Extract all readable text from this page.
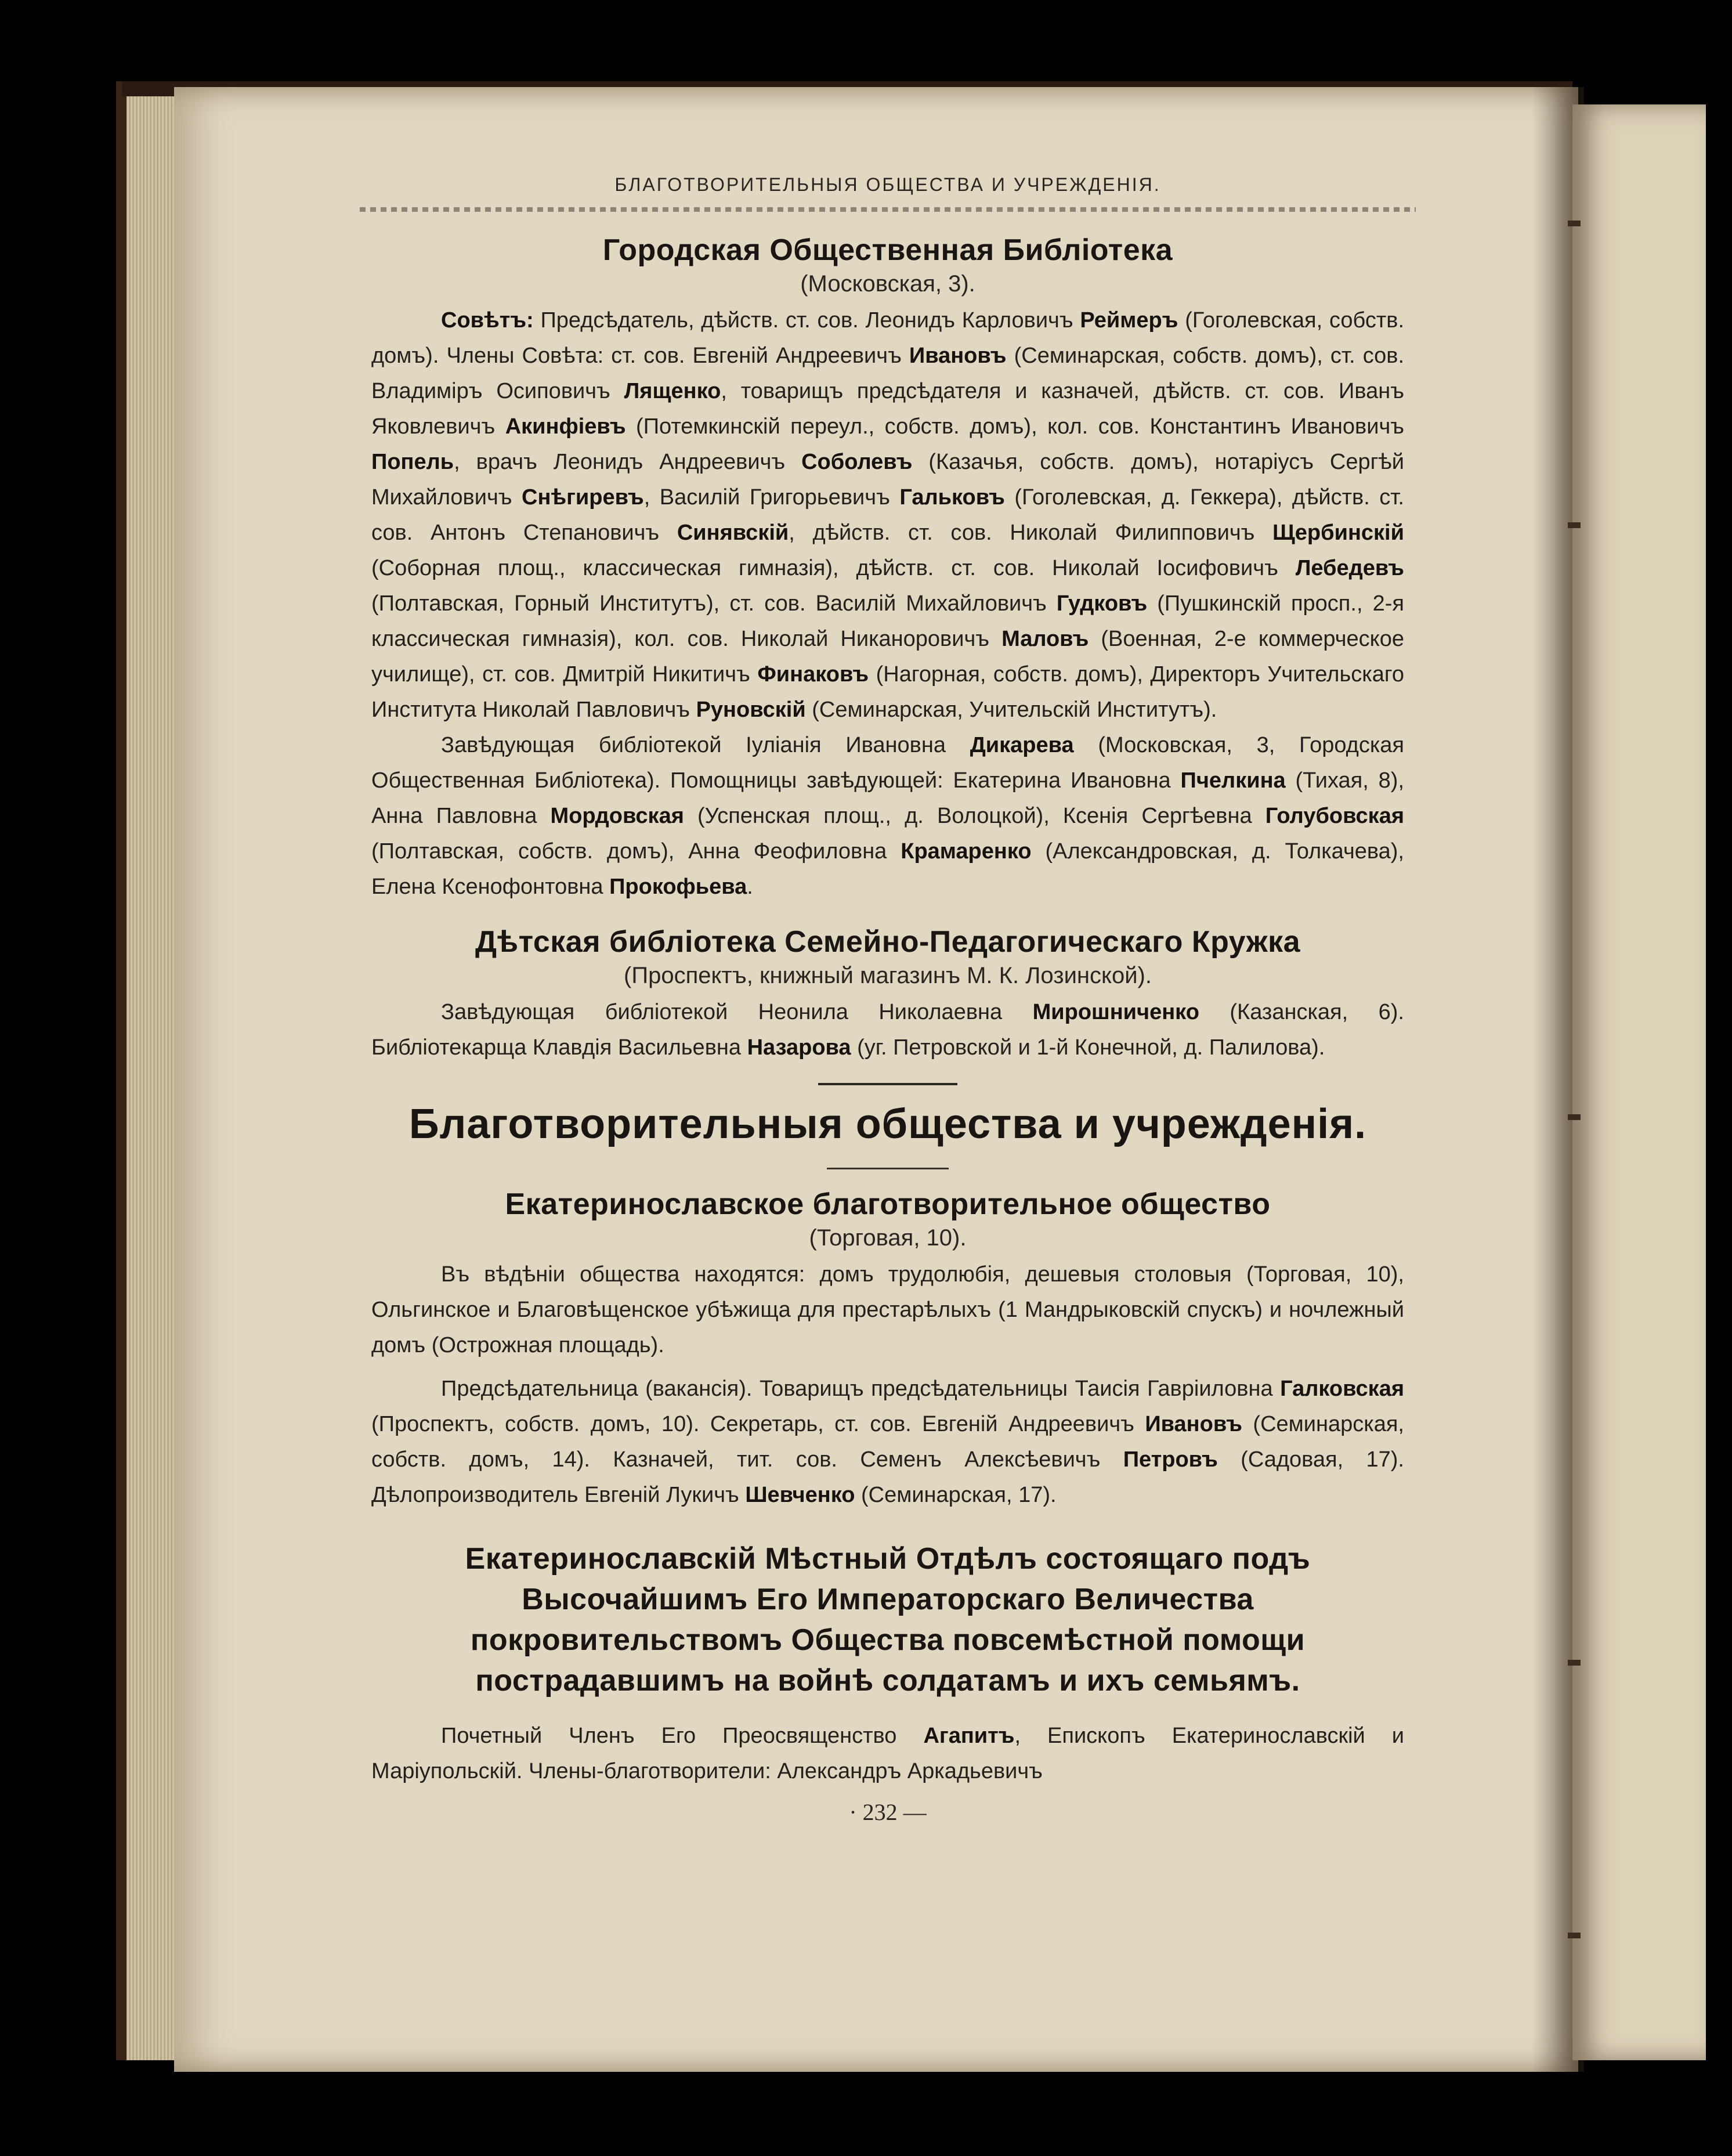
БЛАГОТВОРИТЕЛЬНЫЯ ОБЩЕСТВА И УЧРЕЖДЕНІЯ.
Городская Общественная Библіотека
(Московская, 3).

Совѣтъ: Предсѣдатель, дѣйств. ст. сов. Леонидъ Карловичъ Реймеръ (Гоголевская, собств. домъ). Члены Совѣта: ст. сов. Евгеній Андреевичъ Ивановъ (Семинарская, собств. домъ), ст. сов. Владиміръ Осиповичъ Лященко, товарищъ предсѣдателя и казначей, дѣйств. ст. сов. Иванъ Яковлевичъ Акинфіевъ (Потемкинскій переул., собств. домъ), кол. сов. Константинъ Ивановичъ Попель, врачъ Леонидъ Андреевичъ Соболевъ (Казачья, собств. домъ), нотаріусъ Сергѣй Михайловичъ Снѣгиревъ, Василій Григорьевичъ Гальковъ (Гоголевская, д. Геккера), дѣйств. ст. сов. Антонъ Степановичъ Синявскій, дѣйств. ст. сов. Николай Филипповичъ Щербинскій (Соборная площ., классическая гимназія), дѣйств. ст. сов. Николай Іосифовичъ Лебедевъ (Полтавская, Горный Институтъ), ст. сов. Василій Михайловичъ Гудковъ (Пушкинскій просп., 2-я классическая гимназія), кол. сов. Николай Никаноровичъ Маловъ (Военная, 2-е коммерческое училище), ст. сов. Дмитрій Никитичъ Финаковъ (Нагорная, собств. домъ), Директоръ Учительскаго Института Николай Павловичъ Руновскій (Семинарская, Учительскій Институтъ).

Завѣдующая библіотекой Іуліанія Ивановна Дикарева (Московская, 3, Городская Общественная Библіотека). Помощницы завѣдующей: Екатерина Ивановна Пчелкина (Тихая, 8), Анна Павловна Мордовская (Успенская площ., д. Волоцкой), Ксенія Сергѣевна Голубовская (Полтавская, собств. домъ), Анна Феофиловна Крамаренко (Александровская, д. Толкачева), Елена Ксенофонтовна Прокофьева.

Дѣтская библіотека Семейно-Педагогическаго Кружка
(Проспектъ, книжный магазинъ М. К. Лозинской).

Завѣдующая библіотекой Неонила Николаевна Мирошниченко (Казанская, 6). Библіотекарща Клавдія Васильевна Назарова (уг. Петровской и 1-й Конечной, д. Палилова).

Благотворительныя общества и учрежденія.
Екатеринославское благотворительное общество
(Торговая, 10).

Въ вѣдѣніи общества находятся: домъ трудолюбія, дешевыя столовыя (Торговая, 10), Ольгинское и Благовѣщенское убѣжища для престарѣлыхъ (1 Мандрыковскій спускъ) и ночлежный домъ (Острожная площадь).

Предсѣдательница (вакансія). Товарищъ предсѣдательницы Таисія Гавріиловна Галковская (Проспектъ, собств. домъ, 10). Секретарь, ст. сов. Евгеній Андреевичъ Ивановъ (Семинарская, собств. домъ, 14). Казначей, тит. сов. Семенъ Алексѣевичъ Петровъ (Садовая, 17). Дѣлопроизводитель Евгеній Лукичъ Шевченко (Семинарская, 17).

Екатеринославскій Мѣстный Отдѣлъ состоящаго подъ Высочайшимъ Его Императорскаго Величества покровительствомъ Общества повсемѣстной помощи пострадавшимъ на войнѣ солдатамъ и ихъ семьямъ.

Почетный Членъ Его Преосвященство Агапитъ, Епископъ Екатеринославскій и Маріупольскій. Члены-благотворители: Александръ Аркадьевичъ

· 232 —
